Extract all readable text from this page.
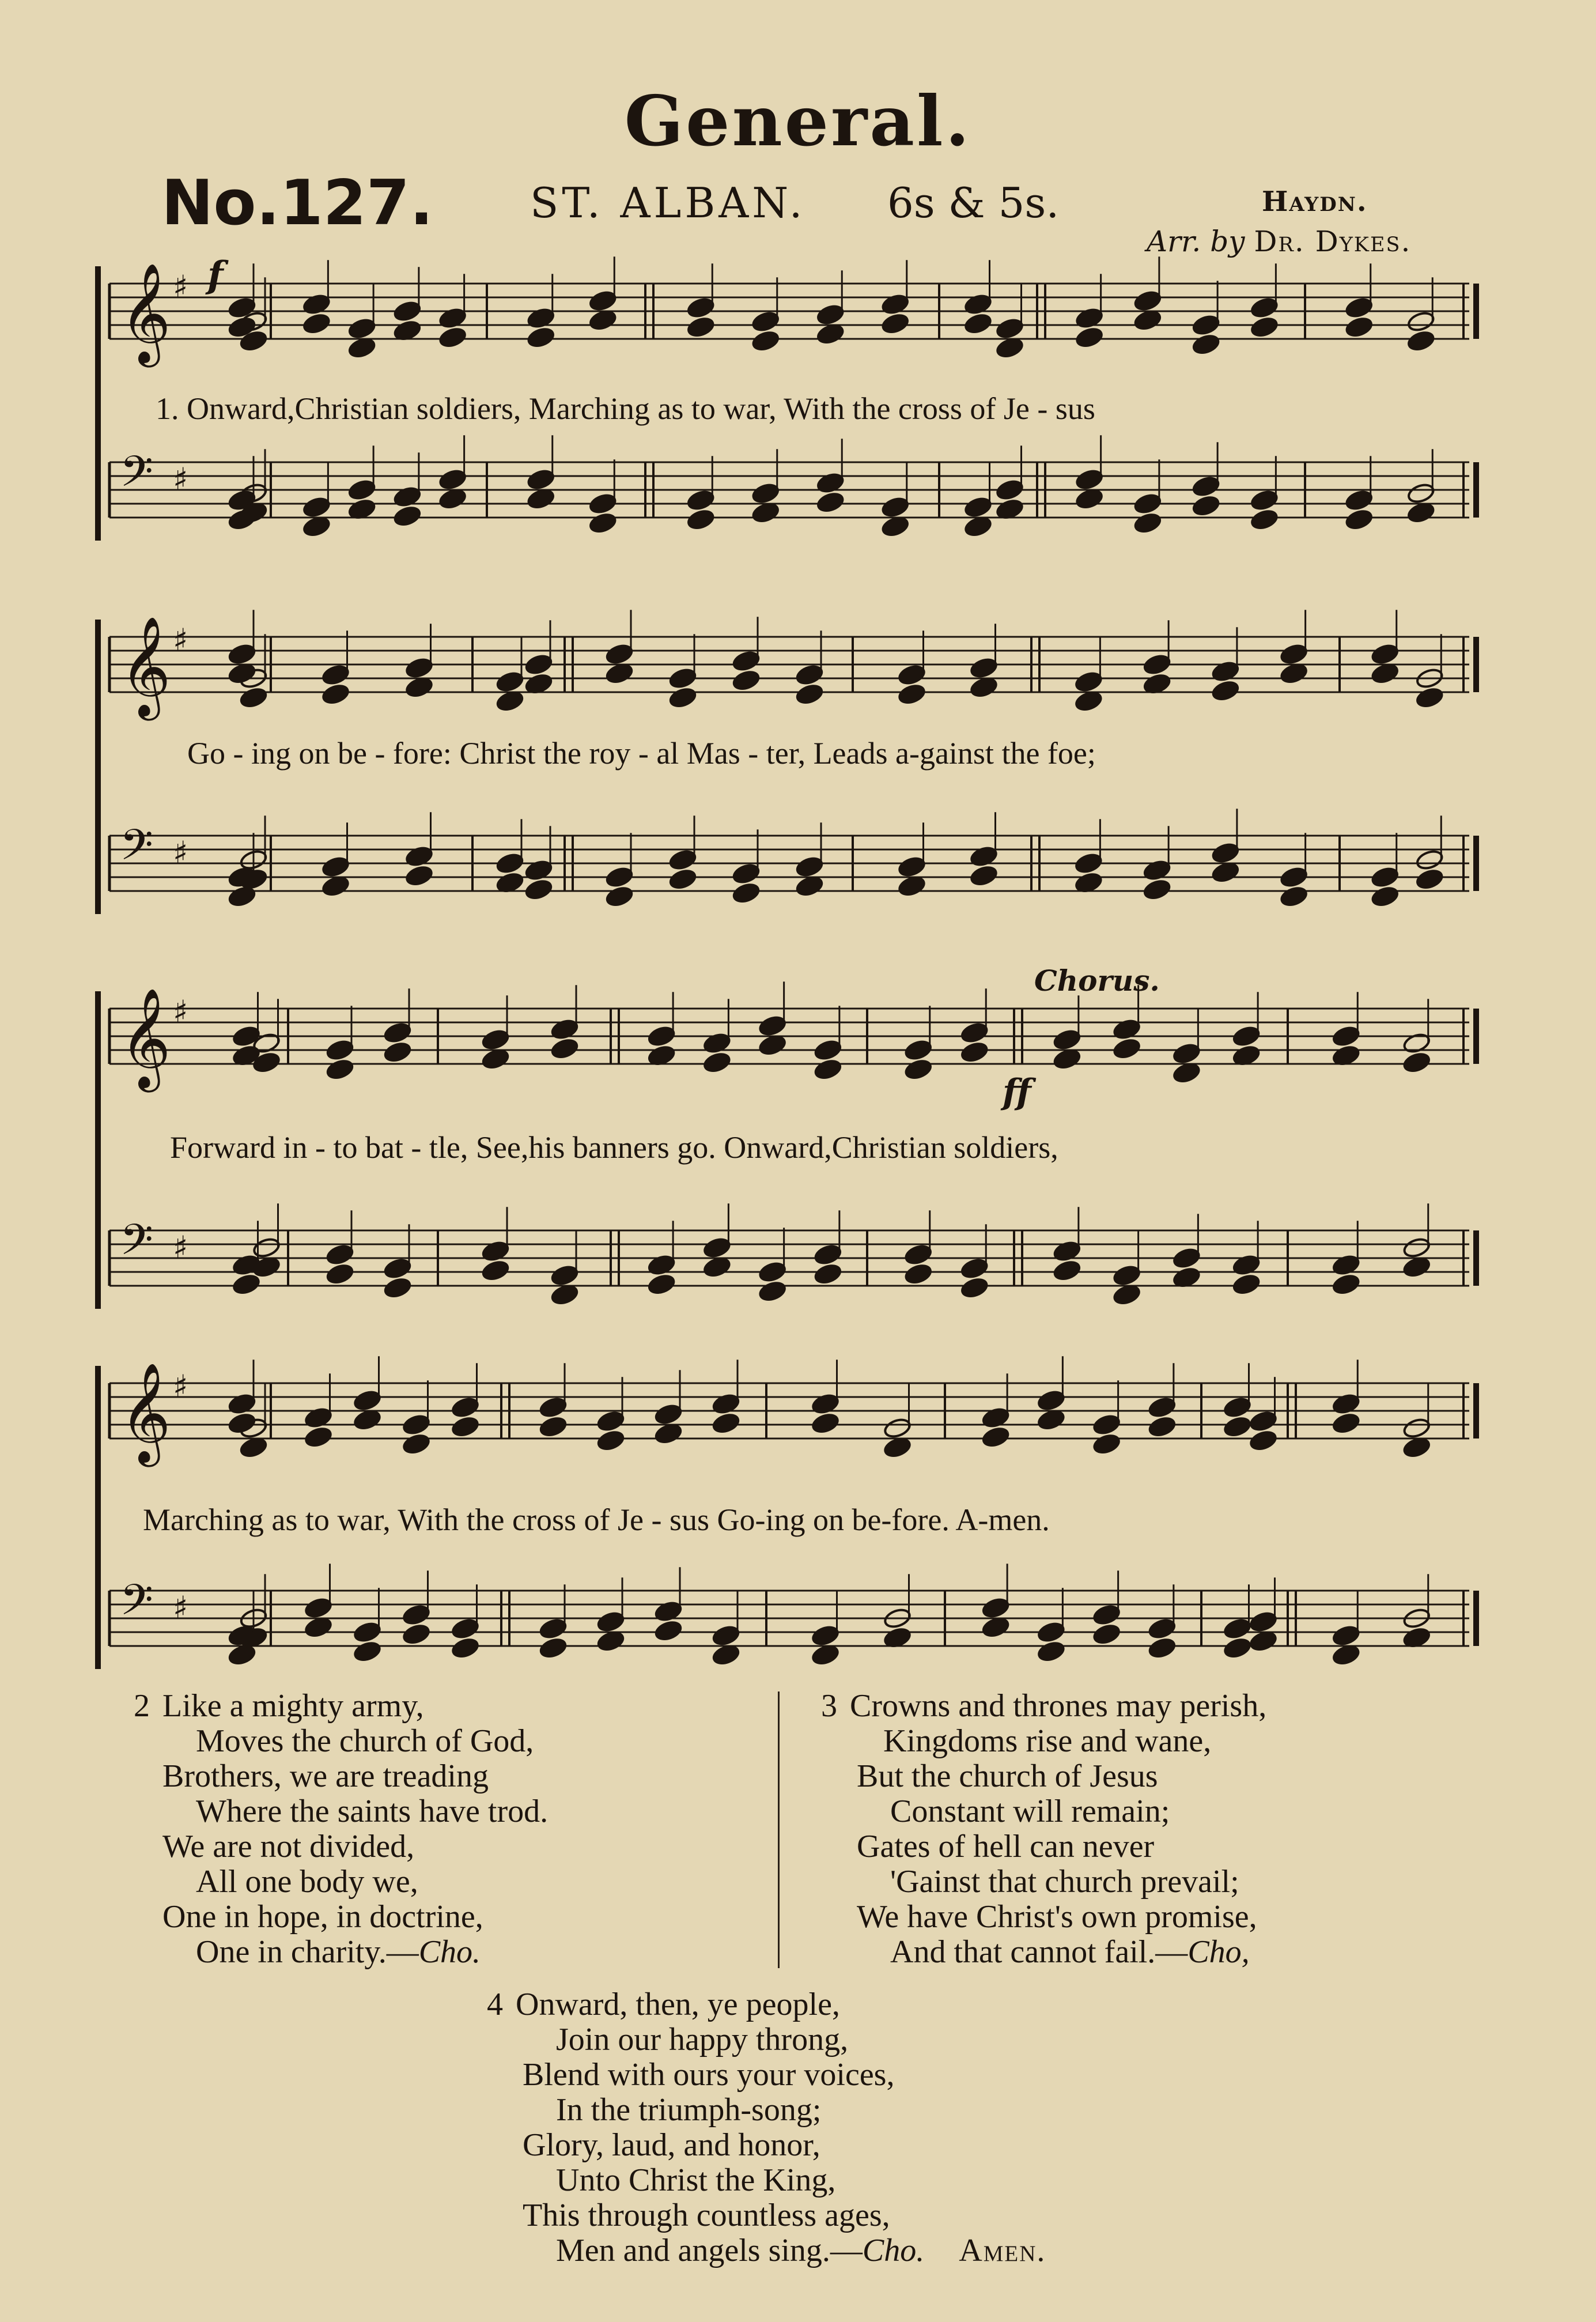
General.
No.127. ST. ALBAN. 6s & 5s.	Haydn.
Arr. by Dr. Dykes.
𝄞 ♯
𝄢 ♯
𝄞 ♯
𝄢 ♯
𝄞 ♯
𝄢 ♯
𝄞 ♯
𝄢 ♯
f
ff
Chorus.
1. Onward,Christian soldiers, Marching as to war, With the cross of Je - sus
Go - ing on be - fore: Christ the roy - al Mas - ter, Leads a-gainst the foe;
Forward in - to bat - tle, See,his banners go. Onward,Christian soldiers,
Marching as to war, With the cross of Je - sus Go-ing on be-fore. A-men.
2 Like a mighty army,
Moves the church of God,
Brothers, we are treading
Where the saints have trod.
We are not divided,
All one body we,
One in hope, in doctrine,
One in charity.—Cho.
3 Crowns and thrones may perish,
Kingdoms rise and wane,
But the church of Jesus
Constant will remain;
Gates of hell can never
'Gainst that church prevail;
We have Christ's own promise,
And that cannot fail.—Cho,
4 Onward, then, ye people,
Join our happy throng,
Blend with ours your voices,
In the triumph-song;
Glory, laud, and honor,
Unto Christ the King,
This through countless ages,
Men and angels sing.—Cho. Amen.
